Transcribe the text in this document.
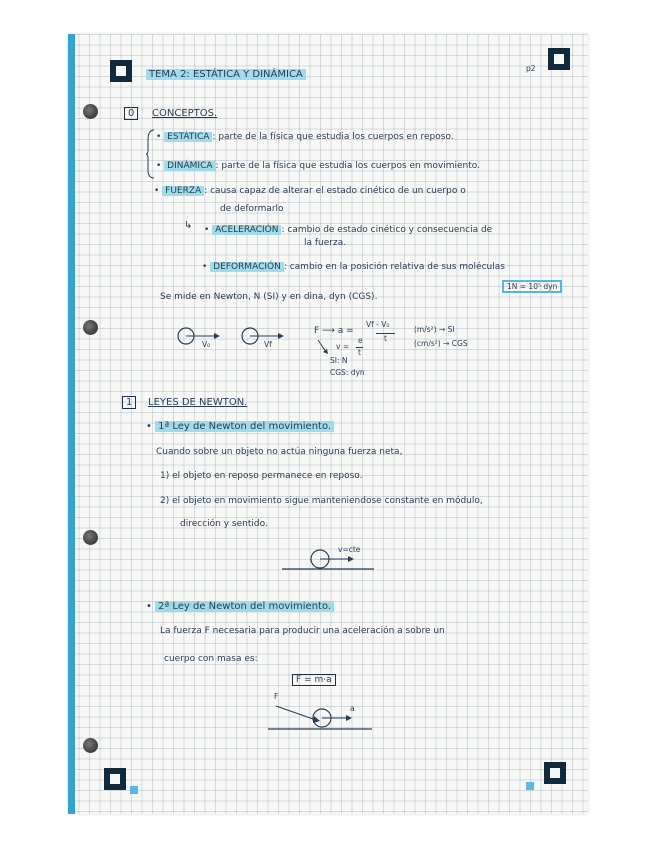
TEMA 2: ESTÁTICA Y DINÁMICA
p2
0	CONCEPTOS.
• ESTÁTICA : parte de la física que estudia los cuerpos en reposo.
• DINÁMICA : parte de la física que estudia los cuerpos en movimiento.
• FUERZA : causa capaz de alterar el estado cinético de un cuerpo o
de deformarlo
↳ • ACELERACIÓN : cambio de estado cinético y consecuencia de
la fuerza.
• DEFORMACIÓN : cambio en la posición relativa de sus moléculas
Se mide en Newton, N (SI) y en dina, dyn (CGS).
1N = 10⁵ dyn
V₀	Vf
F ⟶ a =
Vf - V₀
t
(m/s²) → SI
(cm/s²) → CGS
v =
e
t
SI: N
CGS: dyn
1	LEYES DE NEWTON.
• 1ª Ley de Newton del movimiento.
Cuando sobre un objeto no actúa ninguna fuerza neta,
1) el objeto en reposo permanece en reposo.
2) el objeto en movimiento sigue manteniendose constante en módulo,
dirección y sentido.
v=cte
• 2ª Ley de Newton del movimiento.
La fuerza F necesaria para producir una aceleración a sobre un
cuerpo con masa es:
F = m·a
F
a
